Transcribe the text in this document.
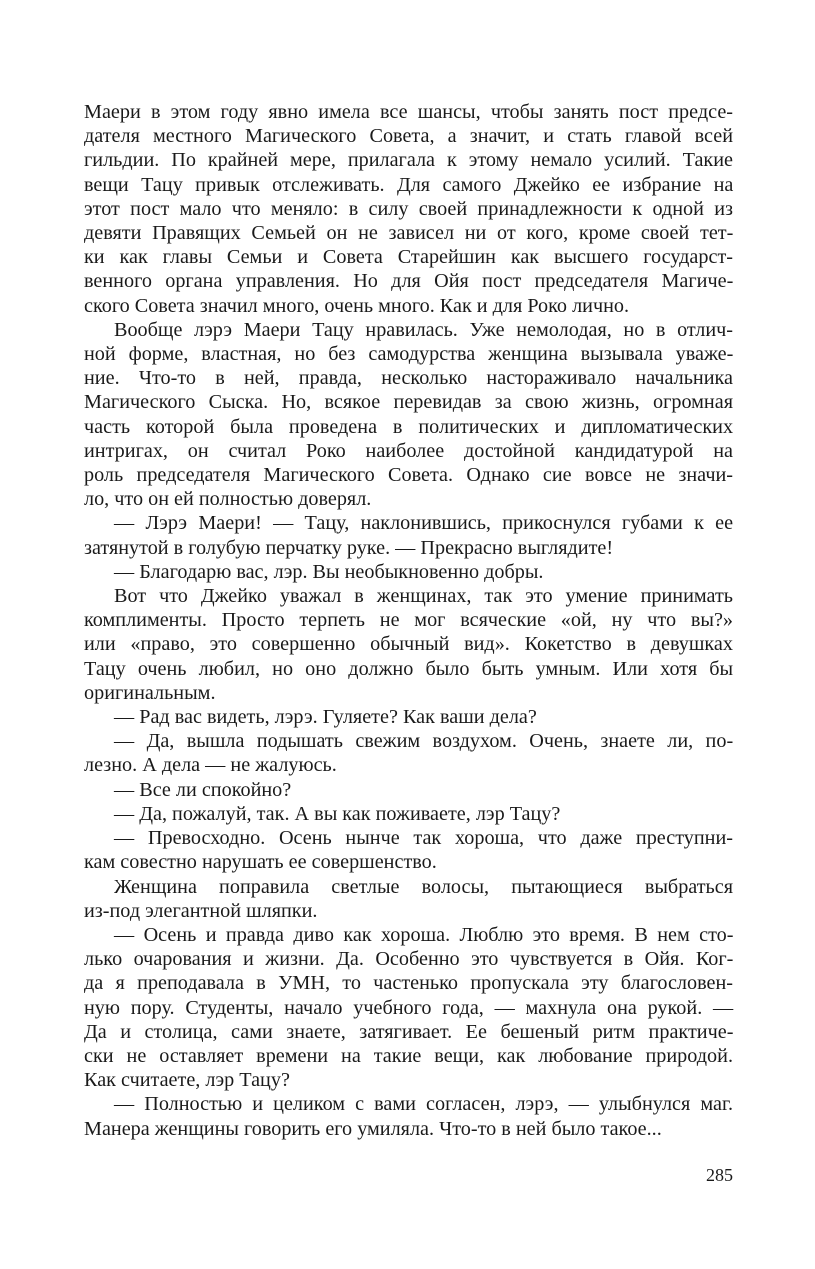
Маери в этом году явно имела все шансы, чтобы занять пост предсе-
дателя местного Магического Совета, а значит, и стать главой всей
гильдии. По крайней мере, прилагала к этому немало усилий. Такие
вещи Тацу привык отслеживать. Для самого Джейко ее избрание на
этот пост мало что меняло: в силу своей принадлежности к одной из
девяти Правящих Семьей он не зависел ни от кого, кроме своей тет-
ки как главы Семьи и Совета Старейшин как высшего государст-
венного органа управления. Но для Ойя пост председателя Магиче-
ского Совета значил много, очень много. Как и для Роко лично.
Вообще лэрэ Маери Тацу нравилась. Уже немолодая, но в отлич-
ной форме, властная, но без самодурства женщина вызывала уваже-
ние. Что-то в ней, правда, несколько настораживало начальника
Магического Сыска. Но, всякое перевидав за свою жизнь, огромная
часть которой была проведена в политических и дипломатических
интригах, он считал Роко наиболее достойной кандидатурой на
роль председателя Магического Совета. Однако сие вовсе не значи-
ло, что он ей полностью доверял.
— Лэрэ Маери! — Тацу, наклонившись, прикоснулся губами к ее
затянутой в голубую перчатку руке. — Прекрасно выглядите!
— Благодарю вас, лэр. Вы необыкновенно добры.
Вот что Джейко уважал в женщинах, так это умение принимать
комплименты. Просто терпеть не мог всяческие «ой, ну что вы?»
или «право, это совершенно обычный вид». Кокетство в девушках
Тацу очень любил, но оно должно было быть умным. Или хотя бы
оригинальным.
— Рад вас видеть, лэрэ. Гуляете? Как ваши дела?
— Да, вышла подышать свежим воздухом. Очень, знаете ли, по-
лезно. А дела — не жалуюсь.
— Все ли спокойно?
— Да, пожалуй, так. А вы как поживаете, лэр Тацу?
— Превосходно. Осень нынче так хороша, что даже преступни-
кам совестно нарушать ее совершенство.
Женщина поправила светлые волосы, пытающиеся выбраться
из-под элегантной шляпки.
— Осень и правда диво как хороша. Люблю это время. В нем сто-
лько очарования и жизни. Да. Особенно это чувствуется в Ойя. Ког-
да я преподавала в УМН, то частенько пропускала эту благословен-
ную пору. Студенты, начало учебного года, — махнула она рукой. —
Да и столица, сами знаете, затягивает. Ее бешеный ритм практиче-
ски не оставляет времени на такие вещи, как любование природой.
Как считаете, лэр Тацу?
— Полностью и целиком с вами согласен, лэрэ, — улыбнулся маг.
Манера женщины говорить его умиляла. Что-то в ней было такое...
285
